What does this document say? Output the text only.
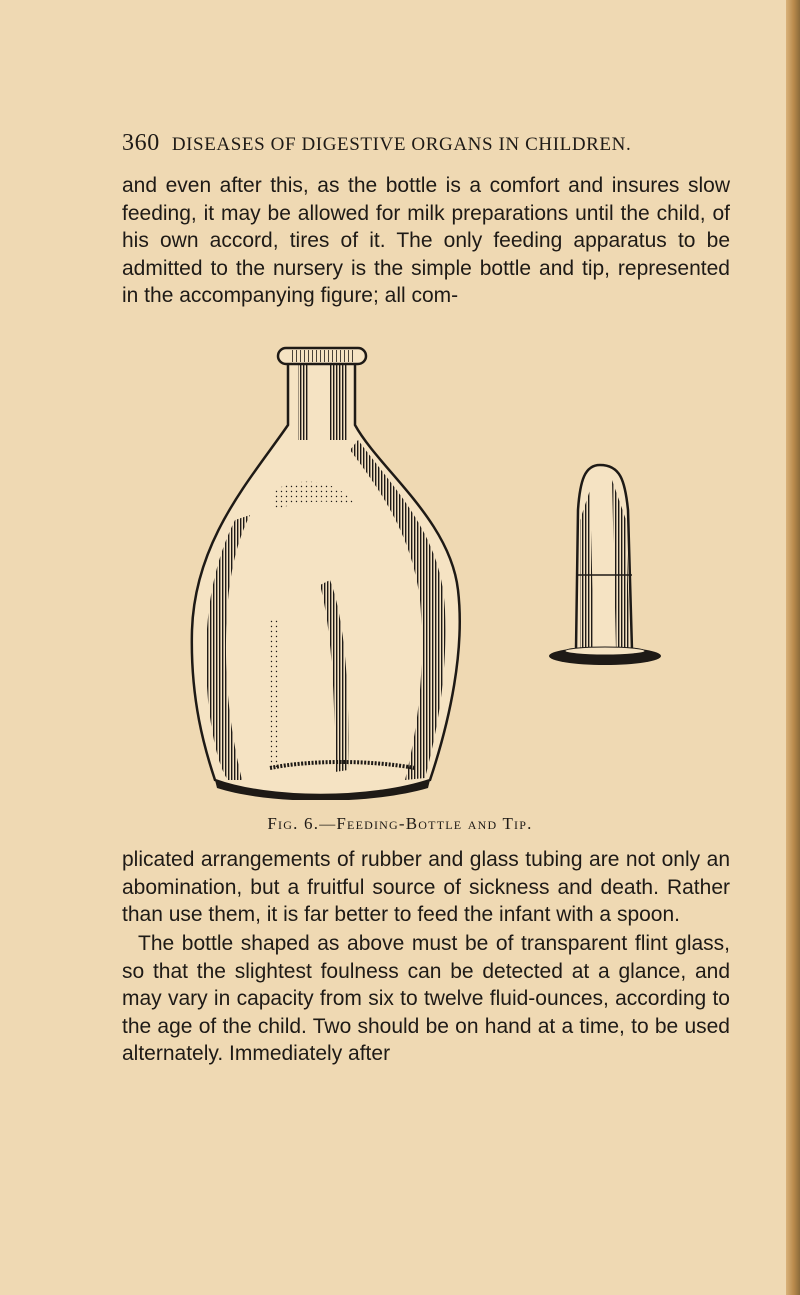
360 DISEASES OF DIGESTIVE ORGANS IN CHILDREN.

and even after this, as the bottle is a comfort and insures slow feeding, it may be allowed for milk preparations until the child, of his own accord, tires of it. The only feeding apparatus to be admitted to the nursery is the simple bottle and tip, represented in the accompanying figure; all com-

Fig. 6.—Feeding-Bottle and Tip.

plicated arrangements of rubber and glass tubing are not only an abomination, but a fruitful source of sickness and death. Rather than use them, it is far better to feed the infant with a spoon.

The bottle shaped as above must be of transparent flint glass, so that the slightest foulness can be detected at a glance, and may vary in capacity from six to twelve fluid-ounces, according to the age of the child. Two should be on hand at a time, to be used alternately. Immediately after
